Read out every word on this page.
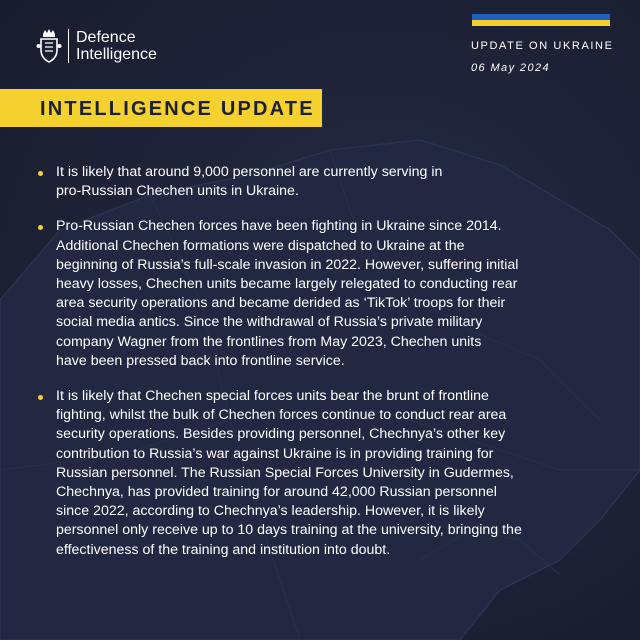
Defence
Intelligence	UPDATE ON UKRAINE
06 May 2024
INTELLIGENCE UPDATE
It is likely that around 9,000 personnel are currently serving in
pro-Russian Chechen units in Ukraine.
Pro-Russian Chechen forces have been fighting in Ukraine since 2014.
Additional Chechen formations were dispatched to Ukraine at the
beginning of Russia’s full-scale invasion in 2022. However, suffering initial
heavy losses, Chechen units became largely relegated to conducting rear
area security operations and became derided as ‘TikTok’ troops for their
social media antics. Since the withdrawal of Russia’s private military
company Wagner from the frontlines from May 2023, Chechen units
have been pressed back into frontline service.
It is likely that Chechen special forces units bear the brunt of frontline
fighting, whilst the bulk of Chechen forces continue to conduct rear area
security operations. Besides providing personnel, Chechnya’s other key
contribution to Russia’s war against Ukraine is in providing training for
Russian personnel. The Russian Special Forces University in Gudermes,
Chechnya, has provided training for around 42,000 Russian personnel
since 2022, according to Chechnya’s leadership. However, it is likely
personnel only receive up to 10 days training at the university, bringing the
effectiveness of the training and institution into doubt.
